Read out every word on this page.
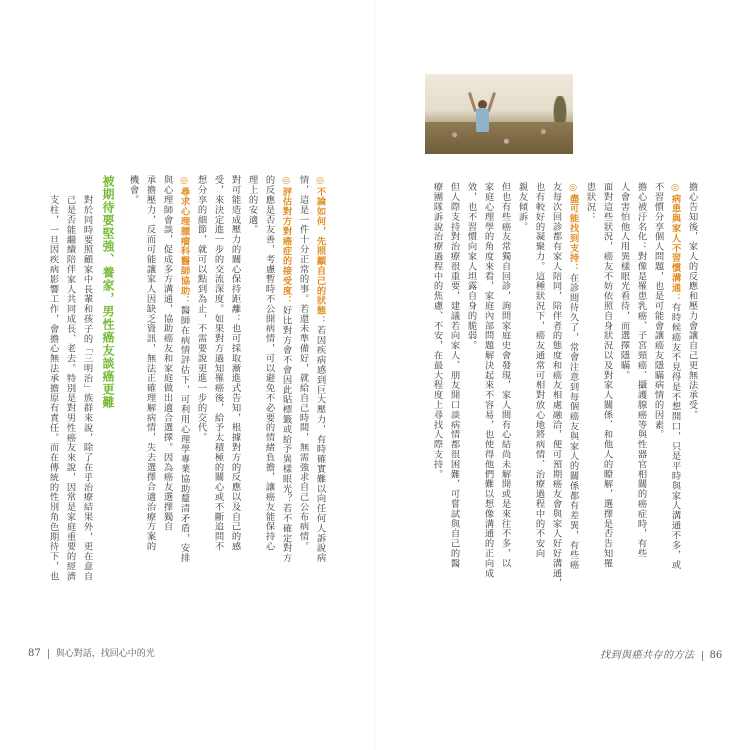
擔心告知後，家人的反應和壓力會讓自己更無法承受。
◎病患與家人不習慣溝通：有時候癌友不見得是不想開口，只是平時與家人溝通不多，或
不習慣分享個人問題，也是可能會讓癌友隱瞞病情的因素。
擔心被汙名化：對像是罹患乳癌、子宮頸癌、攝護腺癌等與性器官相關的癌症時，有些
人會害怕他人用異樣眼光看待，而選擇隱瞞。
面對這些狀況，癌友不妨依照自身狀況以及對家人關係、和他人的瞭解，選擇是否告知罹
患狀況：
◎盡可能找到支持：在診間待久了，常會注意到每個癌友與家人的關係都有差異，有些癌
友每次回診都有家人陪同，陪伴者的態度和癌友相處融洽，便可預期癌友會與家人好好溝通，
也有較好的凝聚力。這種狀況下，癌友通常可相對放心地將病情、治療過程中的不安向
親友傾訴。
但也有些癌友常獨自回診，詢問家庭史會發現，家人間有心結尚未解開或是來往不多，以
家庭心理學的角度來看，家庭內部問題解決起來不容易，也使得他們難以想像溝通的正向成
效，也不習慣向家人坦露自身的脆弱。
但人際支持對治療很重要，建議若向家人、朋友開口談病情都很困難，可嘗試與自己的醫
療團隊訴說治療過程中的焦慮、不安，在最大程度上尋找人際支持。
◎不論如何，先照顧自己的狀態：若因疾病感到巨大壓力，有時確實難以向任何人訴說病
情，這是一件十分正常的事。若還未準備好，就給自己時間，無需強求自己公布病情。
◎評估對方對癌症的接受度：好比對方會不會因此貼標籤或給予異樣眼光？若不確定對方
的反應是否友善，考慮暫時不公開病情，可以避免不必要的情緒負擔，讓癌友能保持心
理上的安適。
對可能造成壓力的關心保持距離：也可採取漸進式告知，根據對方的反應以及自己的感
受，來決定進一步的交流深度。如果對方過知罹癌後，給予太積極的關心或不斷追問不
想分享的細節，就可以點到為止，不需要說更進一步的交代。
◎尋求心理腫瘤科醫師協助：醫師在病情評估下，可利用心理學專業協助釐清矛盾，安排
與心理師會談，促成多方溝通，協助癌友和家庭做出適合選擇。因為癌友選擇獨自
承擔壓力，反而可能讓家人因缺乏資訊，無法正確理解病情，失去選擇合適治療方案的
機會。
被期待要堅強、養家，男性癌友談癌更難
對於同時要照顧家中長輩和孩子的「三明治」族群來說，除了在乎治療結果外，更在意自
己是否能繼續陪伴家人共同成長、老去。特別是對男性癌友來說，因常是家庭重要的經濟
支柱，一旦因疾病影響工作，會擔心無法承擔原有責任。而在傳統的性別角色期待下，也
87 與心對話，找回心中的光	找到與癌共存的方法 86
